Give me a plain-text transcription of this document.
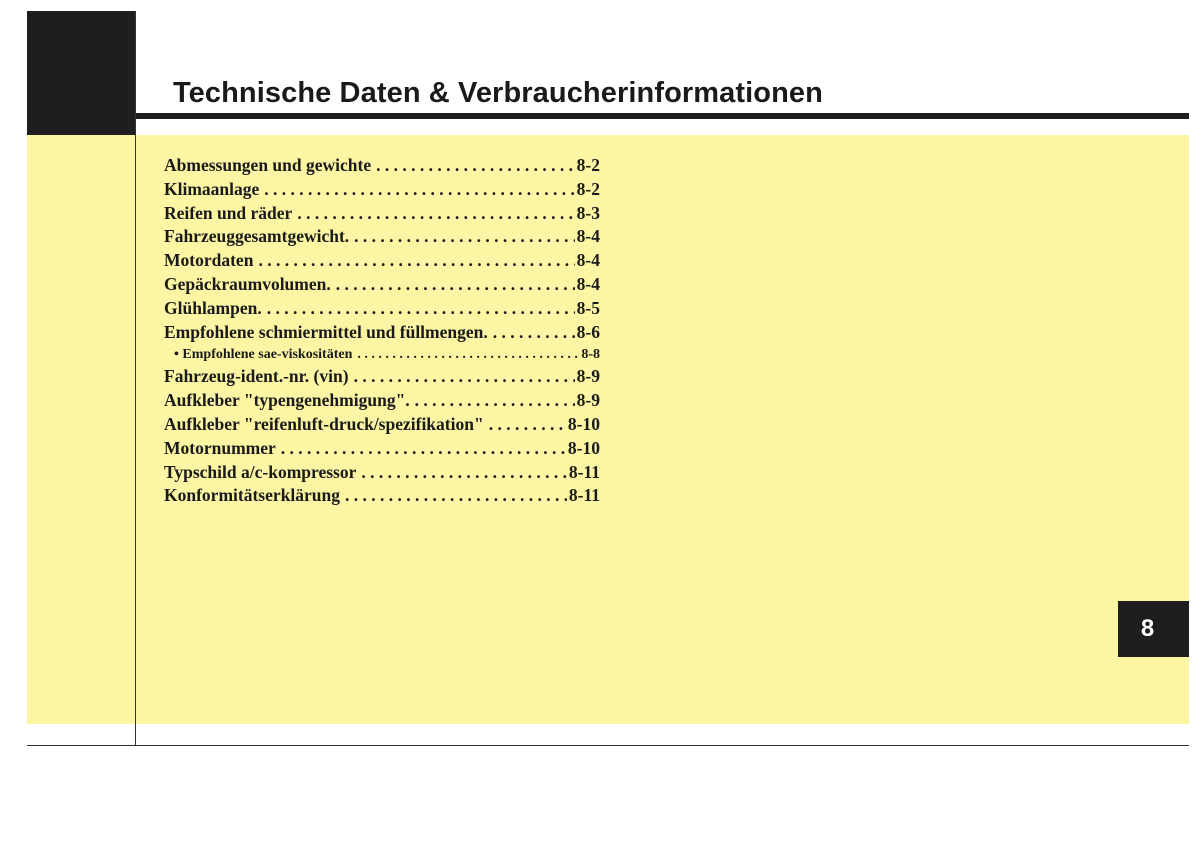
Technische Daten & Verbraucherinformationen
Abmessungen und gewichte . . .	8-2
Klimaanlage . . .	8-2
Reifen und räder . . .	8-3
Fahrzeuggesamtgewicht. . . .	8-4
Motordaten . . .	8-4
Gepäckraumvolumen. . . .	8-4
Glühlampen. . . .	8-5
Empfohlene schmiermittel und füllmengen. . . .	8-6
• Empfohlene sae-viskositäten . . .	8-8
Fahrzeug-ident.-nr. (vin) . . .	8-9
Aufkleber "typengenehmigung". . . .	8-9
Aufkleber "reifenluft-druck/spezifikation" . . .	8-10
Motornummer . . .	8-10
Typschild a/c-kompressor . . .	8-11
Konformitätserklärung . . .	8-11
8
